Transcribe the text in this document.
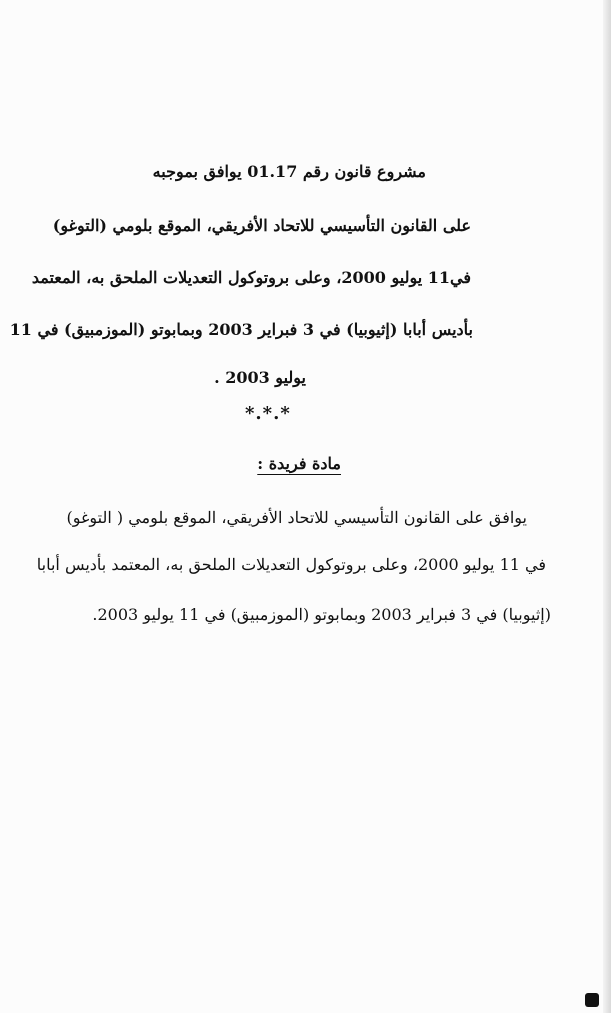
مشروع قانون رقم 01.17 يوافق بموجبه
على القانون التأسيسي للاتحاد الأفريقي، الموقع بلومي (التوغو)
في11 يوليو 2000، وعلى بروتوكول التعديلات الملحق به، المعتمد
بأديس أبابا (إثيوبيا) في 3 فبراير 2003 وبمابوتو (الموزمبيق) في 11
يوليو 2003 .
*.*.*
مادة فريدة :
يوافق على القانون التأسيسي للاتحاد الأفريقي، الموقع بلومي ( التوغو)
في 11 يوليو 2000، وعلى بروتوكول التعديلات الملحق به، المعتمد بأديس أبابا
(إثيوبيا) في 3 فبراير 2003 وبمابوتو (الموزمبيق) في 11 يوليو 2003.
